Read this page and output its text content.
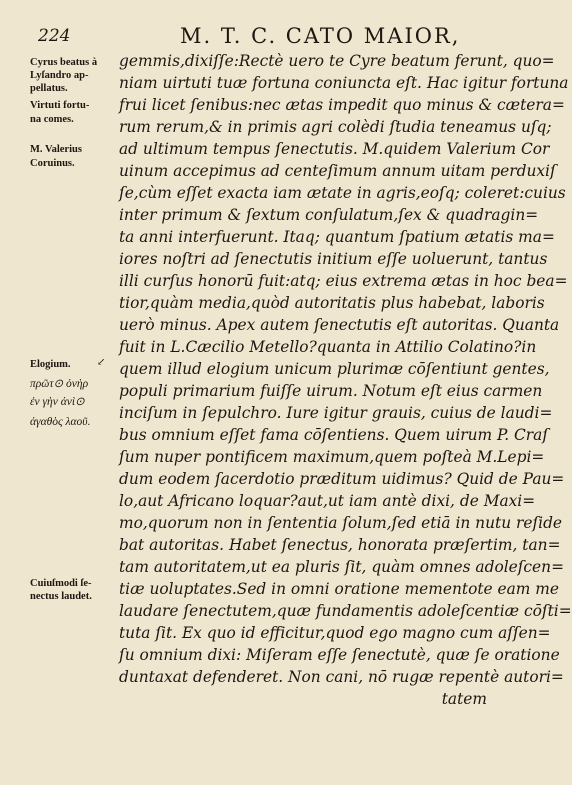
224	M. T. C. CATO MAIOR,
gemmis,dixiſſe:Rectè uero te Cyre beatum ferunt, quo=
niam uirtuti tuæ fortuna coniuncta eſt. Hac igitur fortuna
frui licet ſenibus:nec ætas impedit quo minus & cætera=
rum rerum,& in primis agri colèdi ſtudia teneamus uſq;
ad ultimum tempus ſenectutis. M.quidem Valerium Cor
uinum accepimus ad centeſimum annum uitam perduxiſ
ſe,cùm eſſet exacta iam ætate in agris,eoſq; coleret:cuius
inter primum & ſextum conſulatum,ſex & quadragin=
ta anni interfuerunt. Itaq; quantum ſpatium ætatis ma=
iores noſtri ad ſenectutis initium eſſe uoluerunt, tantus
illi curſus honorū fuit:atq; eius extrema ætas in hoc bea=
tior,quàm media,quòd autoritatis plus habebat, laboris
uerò minus. Apex autem ſenectutis eſt autoritas. Quanta
fuit in L.Cæcilio Metello?quanta in Attilio Colatino?in
quem illud elogium unicum plurimæ cōſentiunt gentes,
populi primarium fuiſſe uirum. Notum eſt eius carmen
inciſum in ſepulchro. Iure igitur grauis, cuius de laudi=
bus omnium eſſet fama cōſentiens. Quem uirum P. Craſ
ſum nuper pontificem maximum,quem poſteà M.Lepi=
dum eodem ſacerdotio præditum uidimus? Quid de Pau=
lo,aut Africano loquar?aut,ut iam antè dixi, de Maxi=
mo,quorum non in ſententia ſolum,ſed etiā in nutu reſide
bat autoritas. Habet ſenectus, honorata præſertim, tan=
tam autoritatem,ut ea pluris ſit, quàm omnes adoleſcen=
tiæ uoluptates.Sed in omni oratione mementote eam me
laudare ſenectutem,quæ fundamentis adoleſcentiæ cōſti=
tuta ſit. Ex quo id efficitur,quod ego magno cum aſſen=
ſu omnium dixi: Miſeram eſſe ſenectutè, quæ ſe oratione
duntaxat defenderet. Non cani, nō rugæ repentè autori=
tatem
Cyrus beatus à
Lyſandro ap-
pellatus.
Virtuti fortu-
na comes.
M. Valerius
Coruinus.
Elogium.
πρῶτ⊙ ὀνὴρ
ἐν γὴν ἀνὶ⊙
ἀγαθὸς λαοῦ.
Cuiuſmodi ſe-
nectus laudet.
↙
